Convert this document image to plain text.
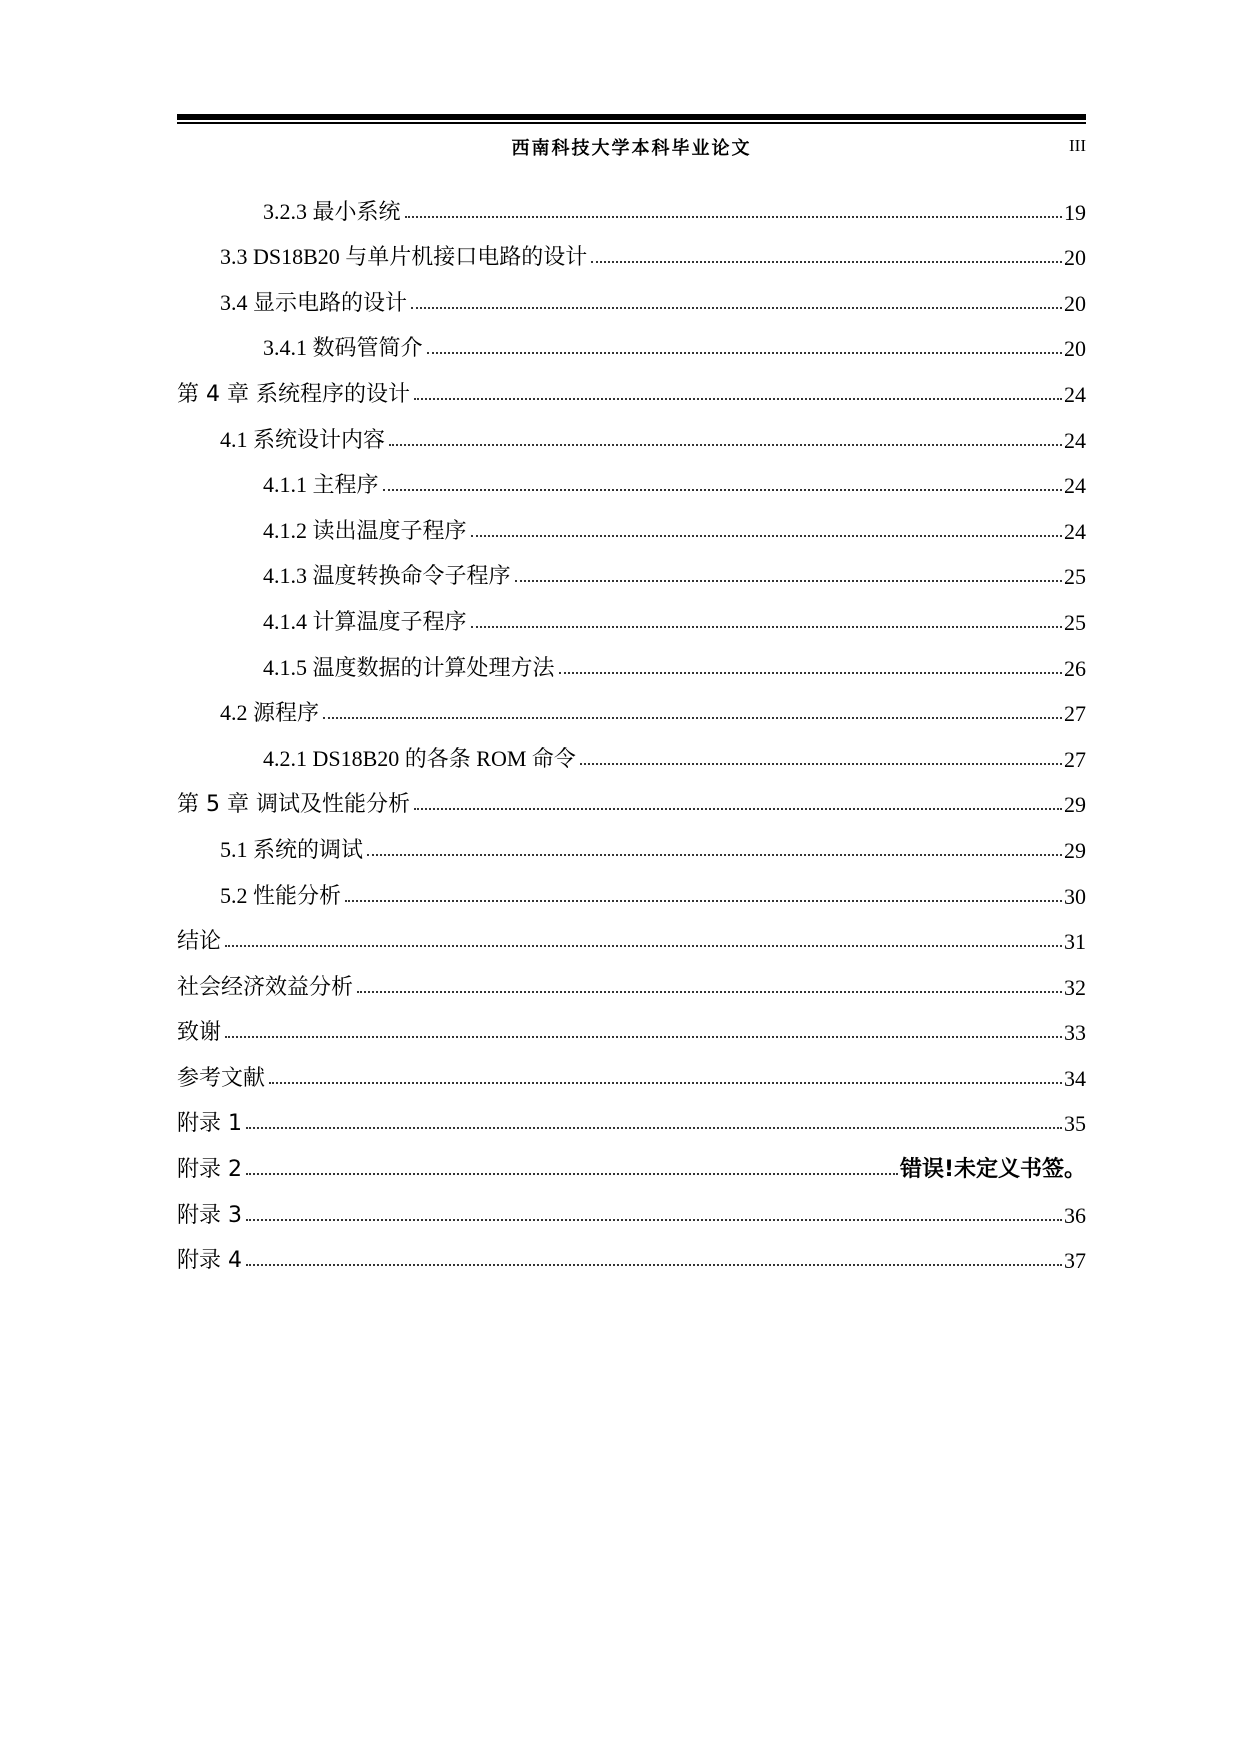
西南科技大学本科毕业论文	III
3.2.3 最小系统	19
3.3 DS18B20 与单片机接口电路的设计	20
3.4 显示电路的设计	20
3.4.1 数码管简介	20
第 4 章 系统程序的设计	24
4.1 系统设计内容	24
4.1.1 主程序	24
4.1.2 读出温度子程序	24
4.1.3 温度转换命令子程序	25
4.1.4 计算温度子程序	25
4.1.5 温度数据的计算处理方法	26
4.2 源程序	27
4.2.1 DS18B20 的各条 ROM 命令	27
第 5 章 调试及性能分析	29
5.1 系统的调试	29
5.2 性能分析	30
结论	31
社会经济效益分析	32
致谢	33
参考文献	34
附录 1	35
附录 2	错误!未定义书签。
附录 3	36
附录 4	37
